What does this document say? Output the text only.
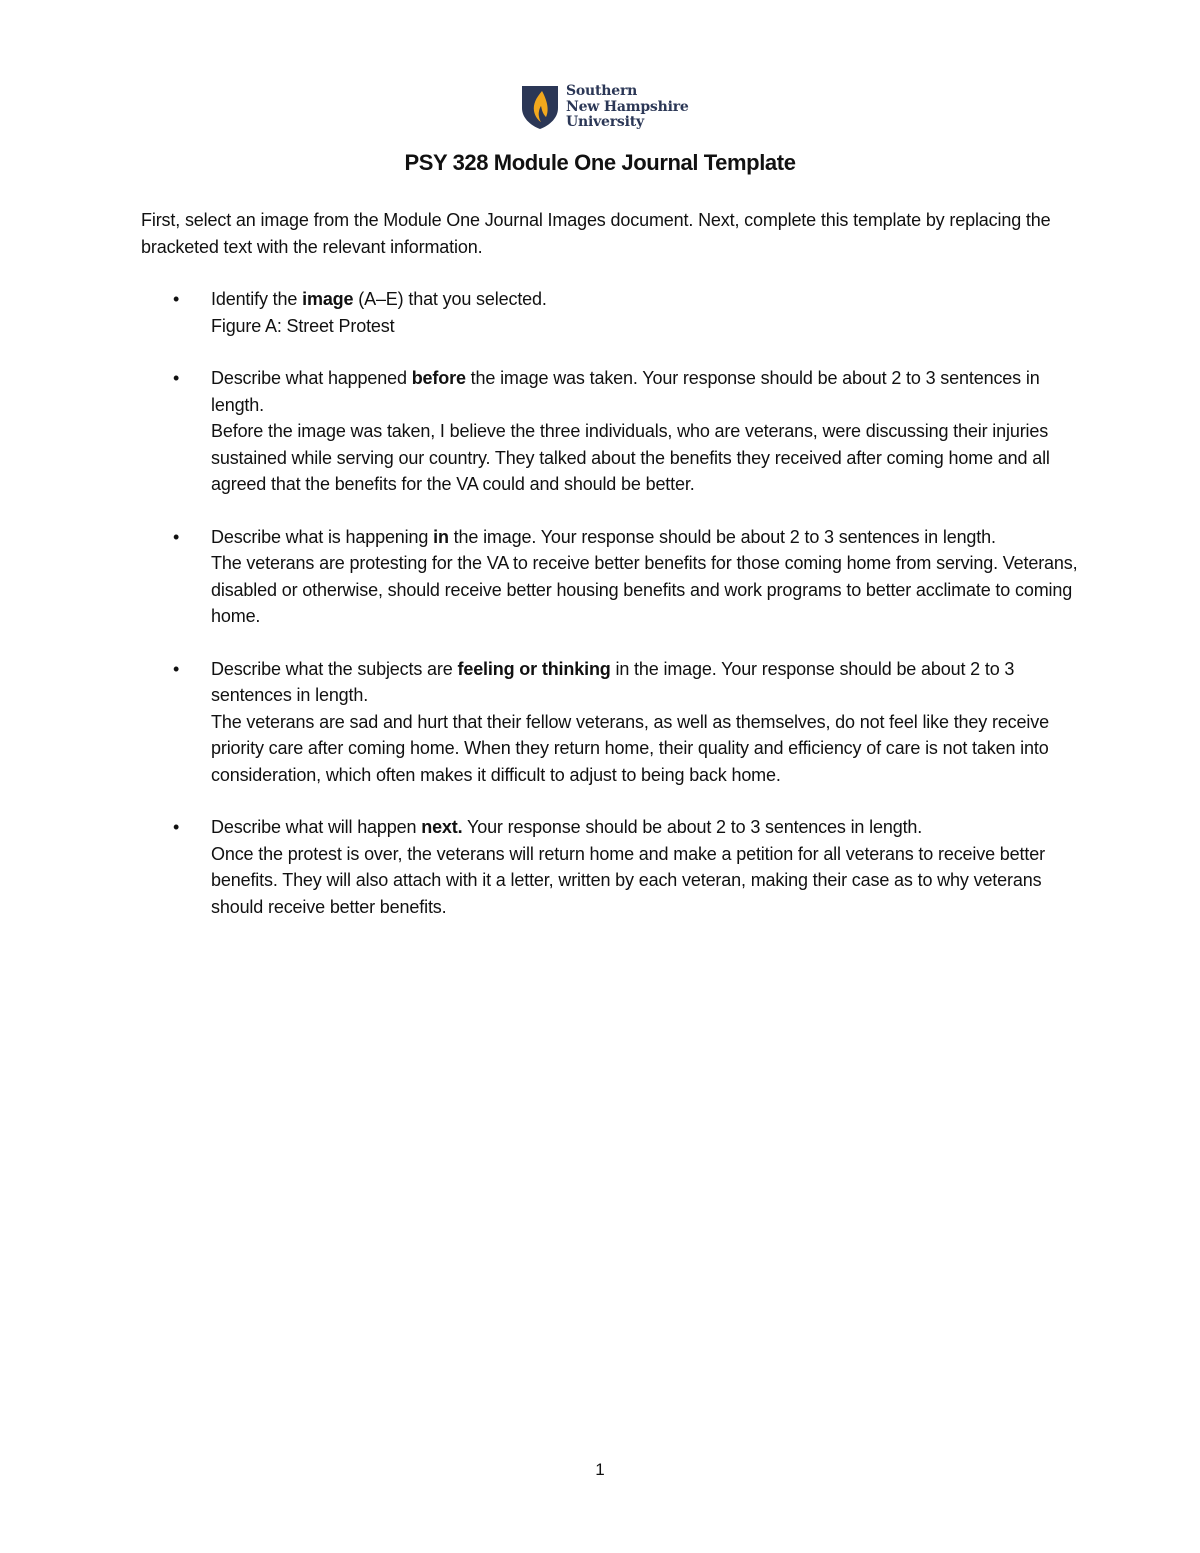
Southern
New Hampshire
University
PSY 328 Module One Journal Template
First, select an image from the Module One Journal Images document. Next, complete this template by replacing the bracketed text with the relevant information.
• Identify the image (A–E) that you selected.
Figure A: Street Protest
• Describe what happened before the image was taken. Your response should be about 2 to 3 sentences in length.
Before the image was taken, I believe the three individuals, who are veterans, were discussing their injuries sustained while serving our country. They talked about the benefits they received after coming home and all agreed that the benefits for the VA could and should be better.
• Describe what is happening in the image. Your response should be about 2 to 3 sentences in length.
The veterans are protesting for the VA to receive better benefits for those coming home from serving. Veterans, disabled or otherwise, should receive better housing benefits and work programs to better acclimate to coming home.
• Describe what the subjects are feeling or thinking in the image. Your response should be about 2 to 3 sentences in length.
The veterans are sad and hurt that their fellow veterans, as well as themselves, do not feel like they receive priority care after coming home. When they return home, their quality and efficiency of care is not taken into consideration, which often makes it difficult to adjust to being back home.
• Describe what will happen next. Your response should be about 2 to 3 sentences in length.
Once the protest is over, the veterans will return home and make a petition for all veterans to receive better benefits. They will also attach with it a letter, written by each veteran, making their case as to why veterans should receive better benefits.
1
